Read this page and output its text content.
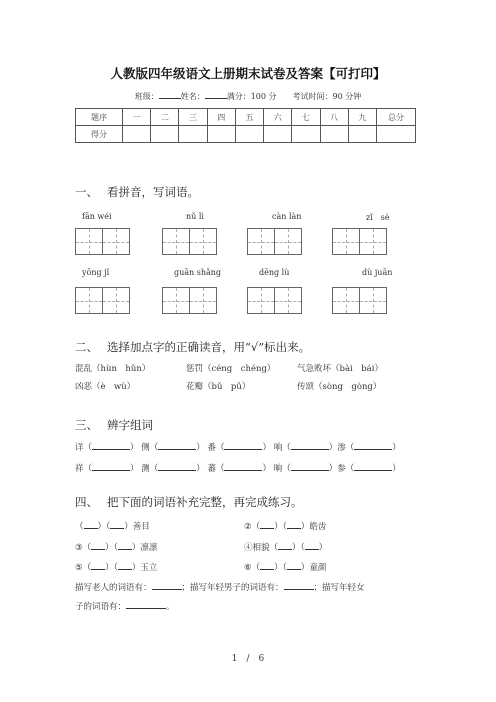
人教版四年级语文上册期末试卷及答案【可打印】
班级：	姓名：	满分：100 分　　 考试时间：90 分钟
题序	一	二	三	四	五	六	七	八	九	总分
得分										
一、 看拼音，写词语。
fān wéi	nǔ lì	càn làn	zǐ　sè
yōng jǐ	guān shǎng	dēng lù	dù juān
二、 选择加点字的正确读音，用“√”标出来。
混乱（hùn　hǔn）	惩罚（céng　chéng）	气急败坏（bài　bái）
凶恶（è　wù）	花瓣（bǔ　pǔ）	传颂（sòng　gòng）
三、 辨字组词
详（	） 侧（	） 番（	） 响（	）渗（	）
祥（	） 测（	） 蕃（	） 晌（	）参（	）
四、 把下面的词语补充完整，再完成练习。
（ ）（ ）善目	②（ ）（ ）皓齿
③（ ）（ ）凛凛	④相貌（ ）（ ）
⑤（ ）（ ）玉立	⑥（ ）（ ）童颜
描写老人的词语有：	；描写年轻男子的词语有：	；描写年轻女
子的词语有：	。
1　/　6
